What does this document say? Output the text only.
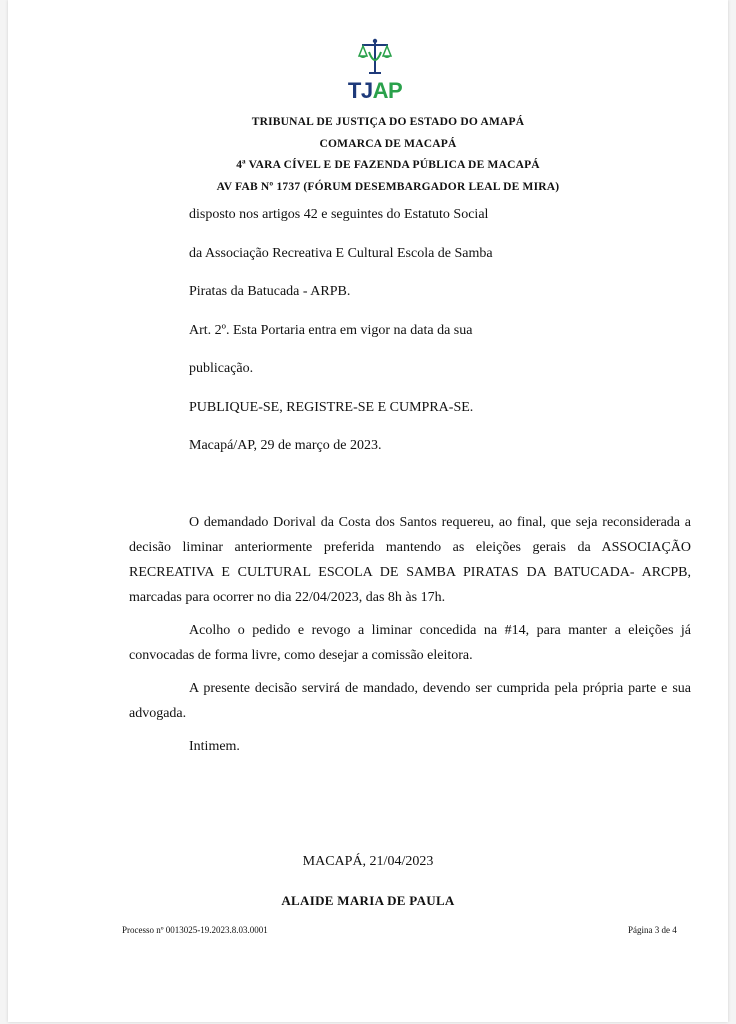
TJAP
TRIBUNAL DE JUSTIÇA DO ESTADO DO AMAPÁ
COMARCA DE MACAPÁ
4ª VARA CÍVEL E DE FAZENDA PÚBLICA DE MACAPÁ
AV FAB Nº 1737 (FÓRUM DESEMBARGADOR LEAL DE MIRA)

disposto nos artigos 42 e seguintes do Estatuto Social

da Associação Recreativa E Cultural Escola de Samba

Piratas da Batucada - ARPB.

Art. 2º. Esta Portaria entra em vigor na data da sua

publicação.

PUBLIQUE-SE, REGISTRE-SE E CUMPRA-SE.

Macapá/AP, 29 de março de 2023.

O demandado Dorival da Costa dos Santos requereu, ao final, que seja reconsiderada a decisão liminar anteriormente preferida mantendo as eleições gerais da ASSOCIAÇÃO RECREATIVA E CULTURAL ESCOLA DE SAMBA PIRATAS DA BATUCADA- ARCPB, marcadas para ocorrer no dia 22/04/2023, das 8h às 17h.

Acolho o pedido e revogo a liminar concedida na #14, para manter a eleições já convocadas de forma livre, como desejar a comissão eleitora.

A presente decisão servirá de mandado, devendo ser cumprida pela própria parte e sua advogada.

Intimem.

MACAPÁ, 21/04/2023
ALAIDE MARIA DE PAULA
Processo nº 0013025-19.2023.8.03.0001	Página 3 de 4
